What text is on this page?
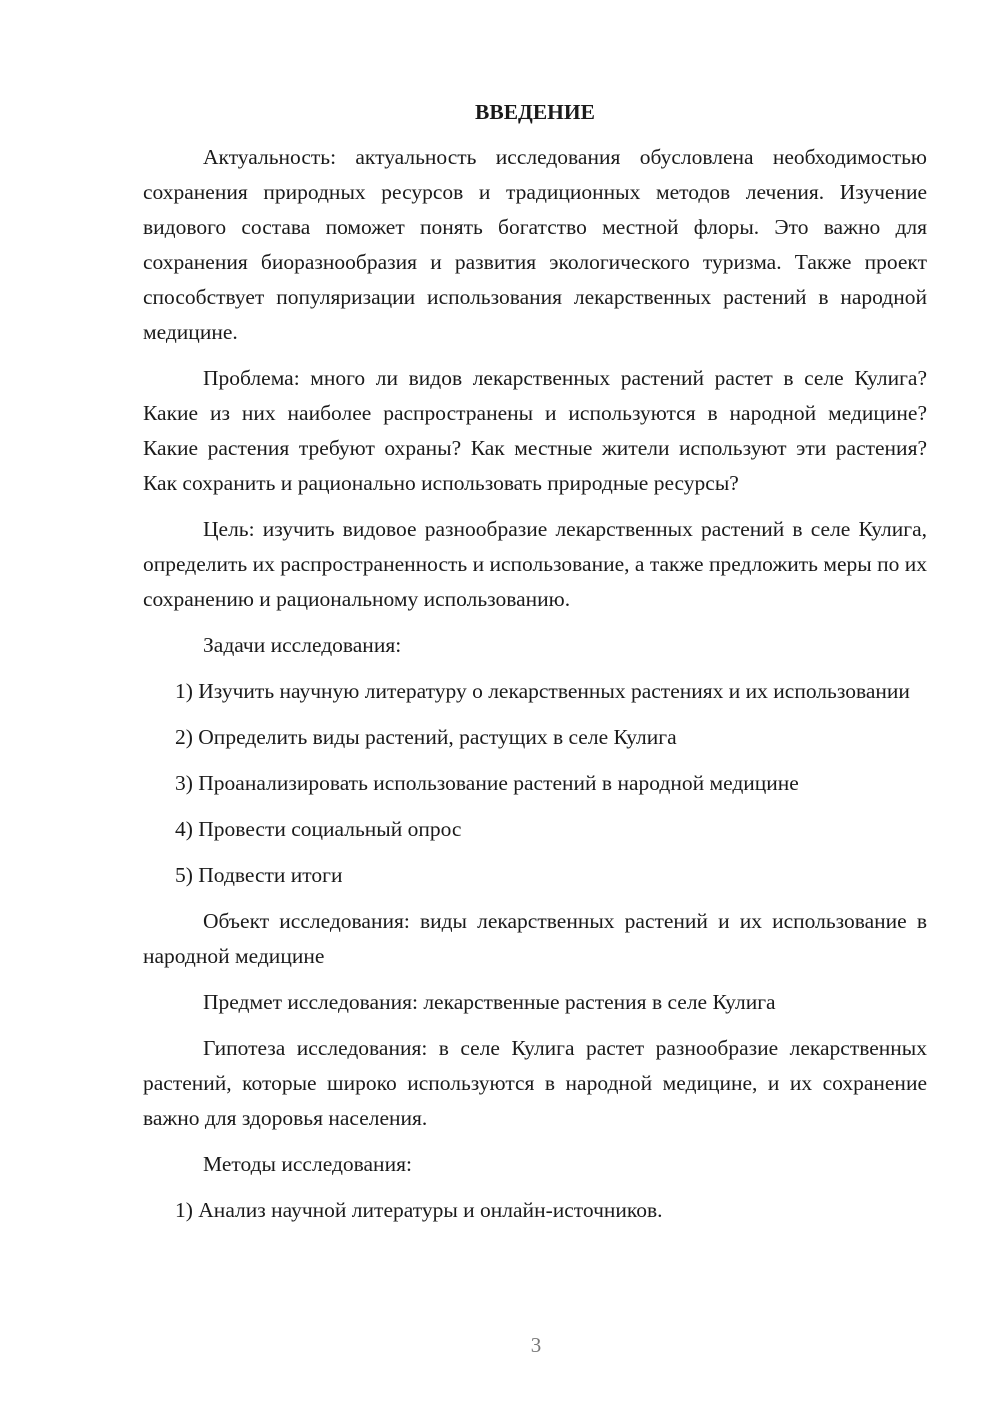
ВВЕДЕНИЕ
Актуальность: актуальность исследования обусловлена необходимостью сохранения природных ресурсов и традиционных методов лечения. Изучение видового состава поможет понять богатство местной флоры. Это важно для сохранения биоразнообразия и развития экологического туризма. Также проект способствует популяризации использования лекарственных растений в народной медицине.
Проблема: много ли видов лекарственных растений растет в селе Кулига? Какие из них наиболее распространены и используются в народной медицине? Какие растения требуют охраны? Как местные жители используют эти растения? Как сохранить и рационально использовать природные ресурсы?
Цель: изучить видовое разнообразие лекарственных растений в селе Кулига, определить их распространенность и использование, а также предложить меры по их сохранению и рациональному использованию.
Задачи исследования:
1) Изучить научную литературу о лекарственных растениях и их использовании
2) Определить виды растений, растущих в селе Кулига
3) Проанализировать использование растений в народной медицине
4) Провести социальный опрос
5) Подвести итоги
Объект исследования: виды лекарственных растений и их использование в народной медицине
Предмет исследования: лекарственные растения в селе Кулига
Гипотеза исследования: в селе Кулига растет разнообразие лекарственных растений, которые широко используются в народной медицине, и их сохранение важно для здоровья населения.
Методы исследования:
1) Анализ научной литературы и онлайн-источников.
3
